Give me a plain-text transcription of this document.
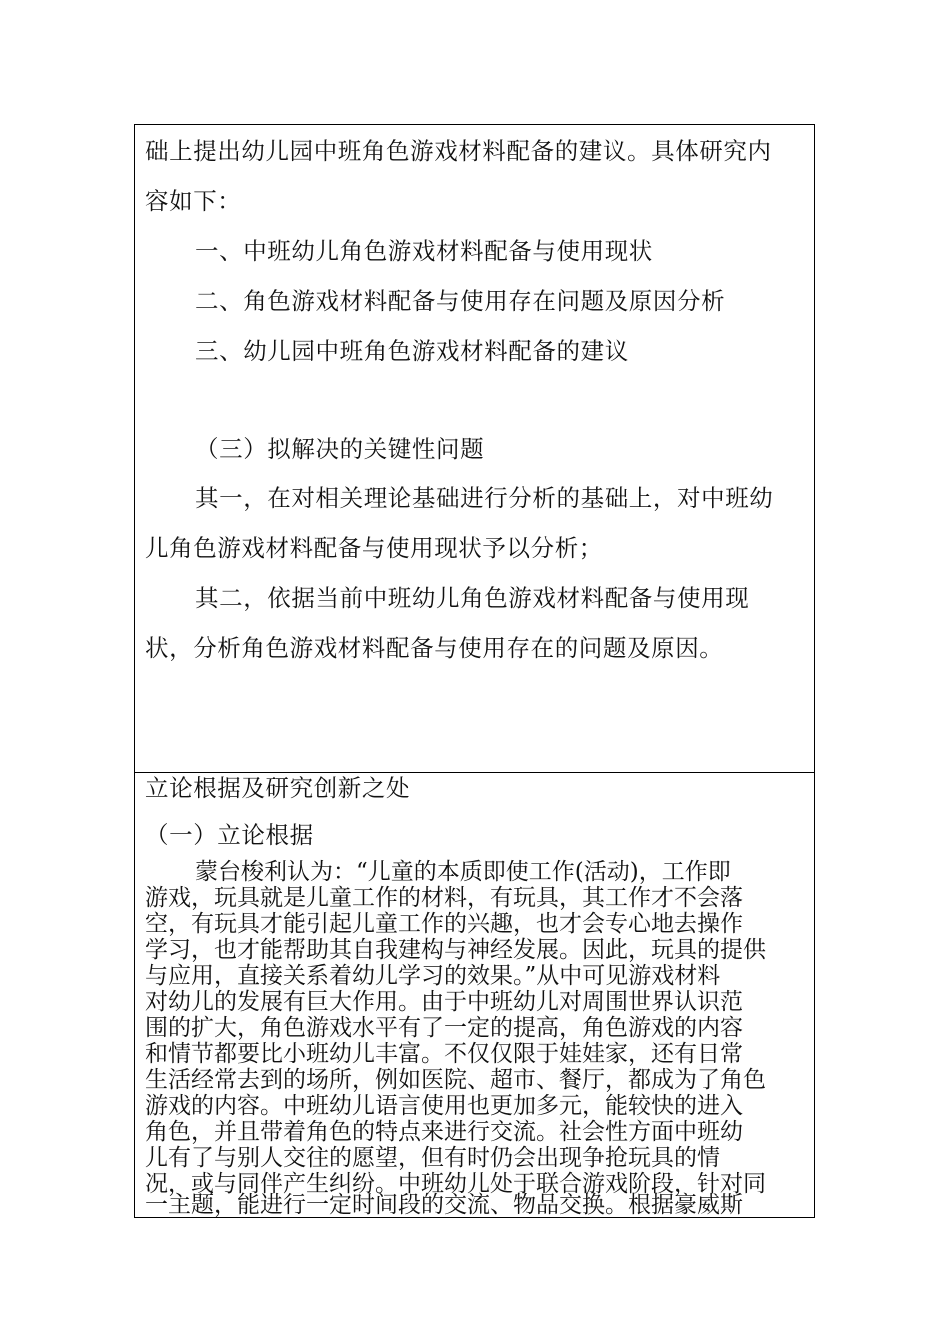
础上提出幼儿园中班角色游戏材料配备的建议。具体研究内
容如下：
一、中班幼儿角色游戏材料配备与使用现状
二、角色游戏材料配备与使用存在问题及原因分析
三、幼儿园中班角色游戏材料配备的建议
（三）拟解决的关键性问题
其一，在对相关理论基础进行分析的基础上，对中班幼
儿角色游戏材料配备与使用现状予以分析；
其二，依据当前中班幼儿角色游戏材料配备与使用现
状，分析角色游戏材料配备与使用存在的问题及原因。
立论根据及研究创新之处
（一）立论根据
蒙台梭利认为：“儿童的本质即使工作(活动)，工作即
游戏，玩具就是儿童工作的材料，有玩具，其工作才不会落
空，有玩具才能引起儿童工作的兴趣，也才会专心地去操作
学习，也才能帮助其自我建构与神经发展。因此，玩具的提供
与应用，直接关系着幼儿学习的效果。”从中可见游戏材料
对幼儿的发展有巨大作用。由于中班幼儿对周围世界认识范
围的扩大，角色游戏水平有了一定的提高，角色游戏的内容
和情节都要比小班幼儿丰富。不仅仅限于娃娃家，还有日常
生活经常去到的场所，例如医院、超市、餐厅，都成为了角色
游戏的内容。中班幼儿语言使用也更加多元，能较快的进入
角色，并且带着角色的特点来进行交流。社会性方面中班幼
儿有了与别人交往的愿望，但有时仍会出现争抢玩具的情
况，或与同伴产生纠纷。中班幼儿处于联合游戏阶段，针对同
一主题，能进行一定时间段的交流、物品交换。根据豪威斯
